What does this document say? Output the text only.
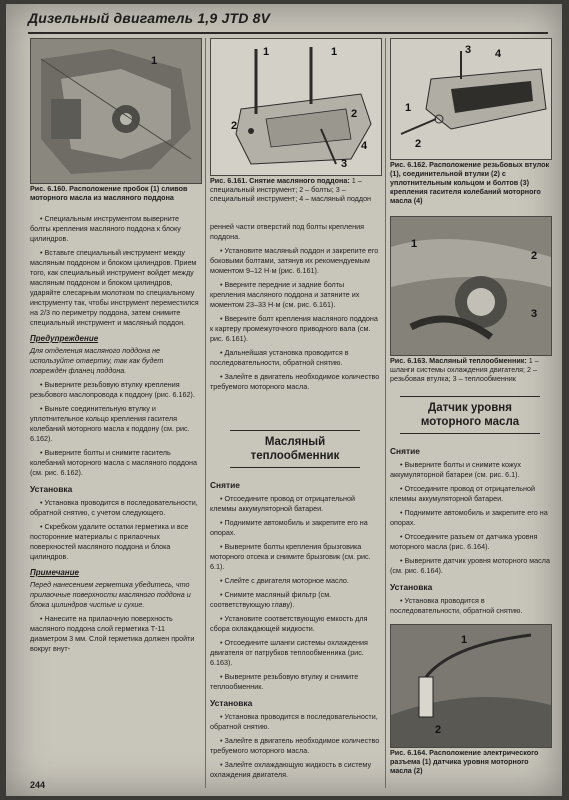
Дизельный двигатель 1,9 JTD 8V
1
Рис. 6.160. Расположение пробок (1) сливов моторного масла из масляного поддона

• Специальным инструментом выверните болты крепления масляного поддона к блоку цилиндров.

• Вставьте специальный инструмент между масляным поддоном и блоком цилиндров. Прием того, как специальный инструмент войдет между масляным поддоном и блоком цилиндров, ударяйте слесарным молотком по специальному инструменту так, чтобы инструмент переместился на 2/3 по периметру поддона, затем снимите специальный инструмент и масляный поддон.

Предупреждение

Для отделения масляного поддона не используйте отвертку, так как будет повреждён фланец поддона.

• Выверните резьбовую втулку крепления резьбового маслопровода к поддону (рис. 6.162).

• Выньте соединительную втулку и уплотнительное кольцо крепления гасителя колебаний моторного масла к поддону (см. рис. 6.162).

• Выверните болты и снимите гаситель колебаний моторного масла с масляного поддона (см. рис. 6.162).

Установка

• Установка проводится в последовательности, обратной снятию, с учетом следующего.

• Скребком удалите остатки герметика и все посторонние материалы с прилаочных поверхностей масляного поддона и блока цилиндров.

Примечание

Перед нанесением герметика убедитесь, что прилаочные поверхности масляного поддона и блока цилиндров чистые и сухие.

• Нанесите на прилаочную поверхность масляного поддона слой герметика Т-11 диаметром 3 мм. Слой герметика должен пройти вокруг внут-

1
2
1
2
3
4
Рис. 6.161. Снятие масляного поддона: 1 – специальный инструмент; 2 – болты; 3 – специальный инструмент; 4 – масляный поддон

ренней части отверстий под болты крепления поддона.

• Установите масляный поддон и закрепите его боковыми болтами, затянув их рекомендуемым моментом 9–12 Н·м (рис. 6.161).

• Вверните передние и задние болты крепления масляного поддона и затяните их моментом 23–33 Н·м (см. рис. 6.161).

• Вверните болт крепления масляного поддона к картеру промежуточного приводного вала (см. рис. 6.161).

• Дальнейшая установка проводится в последовательности, обратной снятию.

• Залейте в двигатель необходимое количество требуемого моторного масла.

Масляный теплообменник
Снятие

• Отсоедините провод от отрицательной клеммы аккумуляторной батареи.

• Поднимите автомобиль и закрепите его на опорах.

• Выверните болты крепления брызговика моторного отсека и снимите брызговик (см. рис. 6.1).

• Слейте с двигателя моторное масло.

• Снимите масляный фильтр (см. соответствующую главу).

• Установите соответствующую емкость для сбора охлаждающей жидкости.

• Отсоедините шланги системы охлаждения двигателя от патрубков теплообменника (рис. 6.163).

• Выверните резьбовую втулку и снимите теплообменник.

Установка

• Установка проводится в последовательности, обратной снятию.

• Залейте в двигатель необходимое количество требуемого моторного масла.

• Залейте охлаждающую жидкость в систему охлаждения двигателя.

3 4
1
2
Рис. 6.162. Расположение резьбовых втулок (1), соединительной втулки (2) с уплотнительным кольцом и болтов (3) крепления гасителя колебаний моторного масла (4)
2
1
3
Рис. 6.163. Масляный теплообменник: 1 – шланги системы охлаждения двигателя; 2 – резьбовая втулка; 3 – теплообменник
Датчик уровня моторного масла
Снятие

• Выверните болты и снимите кожух аккумуляторной батареи (см. рис. 6.1).

• Отсоедините провод от отрицательной клеммы аккумуляторной батареи.

• Поднимите автомобиль и закрепите его на опорах.

• Отсоедините разъем от датчика уровня моторного масла (рис. 6.164).

• Выверните датчик уровня моторного масла (см. рис. 6.164).

Установка

• Установка проводится в последовательности, обратной снятию.

1
2
Рис. 6.164. Расположение электрического разъема (1) датчика уровня моторного масла (2)
244
